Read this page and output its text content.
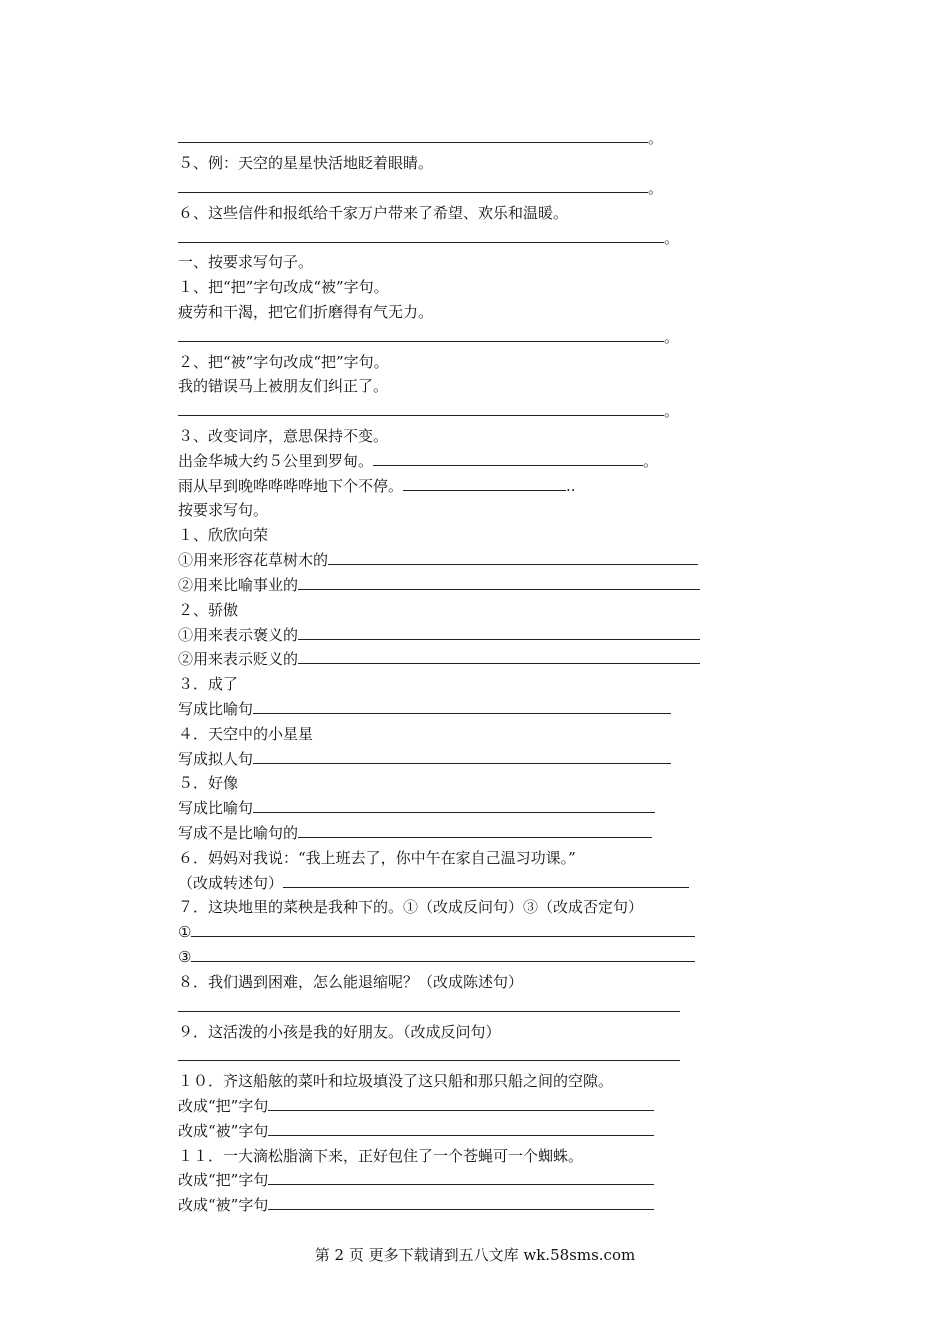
。
５、例：天空的星星快活地眨着眼睛。
。
６、这些信件和报纸给千家万户带来了希望、欢乐和温暖。
。
一、按要求写句子。
１、把“把”字句改成“被”字句。
疲劳和干渴，把它们折磨得有气无力。
。
２、把“被”字句改成“把”字句。
我的错误马上被朋友们纠正了。
。
３、改变词序，意思保持不变。
出金华城大约５公里到罗甸。	。
雨从早到晚哗哗哗哗地下个不停。	..
按要求写句。
１、欣欣向荣
①用来形容花草树木的
②用来比喻事业的
２、骄傲
①用来表示褒义的
②用来表示贬义的
３．成了
写成比喻句
４．天空中的小星星
写成拟人句
５．好像
写成比喻句
写成不是比喻句的
６．妈妈对我说：“我上班去了，你中午在家自己温习功课。”
（改成转述句）
７．这块地里的菜秧是我种下的。①（改成反问句）③（改成否定句）
①
③
８．我们遇到困难，怎么能退缩呢？（改成陈述句）
９．这活泼的小孩是我的好朋友。（改成反问句）
１０．齐这船舷的菜叶和垃圾填没了这只船和那只船之间的空隙。
改成“把”字句
改成“被”字句
１１．一大滴松脂滴下来，正好包住了一个苍蝇可一个蜘蛛。
改成“把”字句
改成“被”字句
第 2 页 更多下载请到五八文库 wk.58sms.com
